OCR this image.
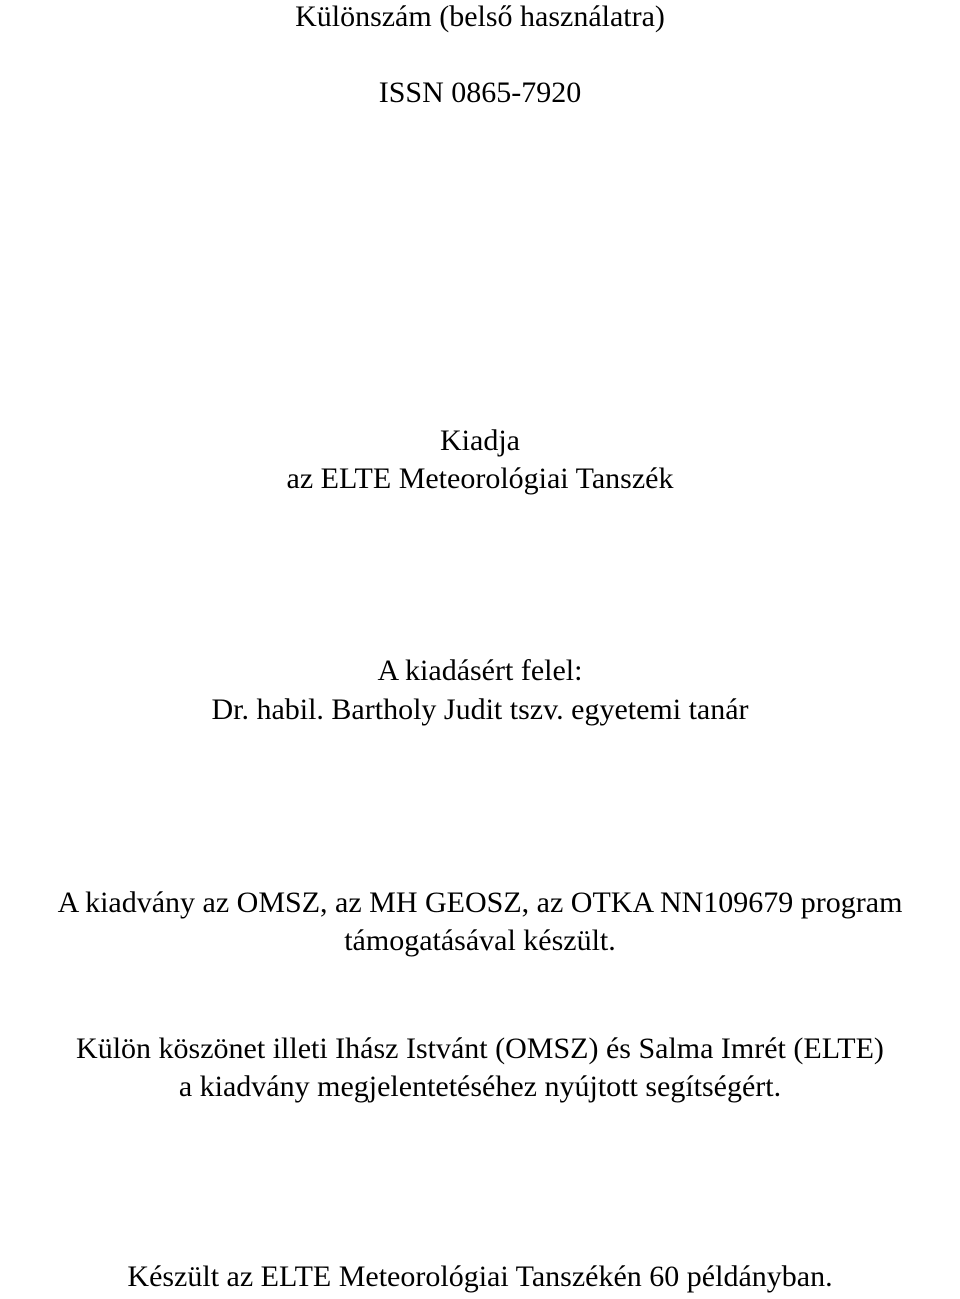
Különszám (belső használatra)
ISSN 0865-7920
Kiadja
az ELTE Meteorológiai Tanszék
A kiadásért felel:
Dr. habil. Bartholy Judit tszv. egyetemi tanár
A kiadvány az OMSZ, az MH GEOSZ, az OTKA NN109679 program
támogatásával készült.
Külön köszönet illeti Ihász Istvánt (OMSZ) és Salma Imrét (ELTE)
a kiadvány megjelentetéséhez nyújtott segítségért.
Készült az ELTE Meteorológiai Tanszékén 60 példányban.
